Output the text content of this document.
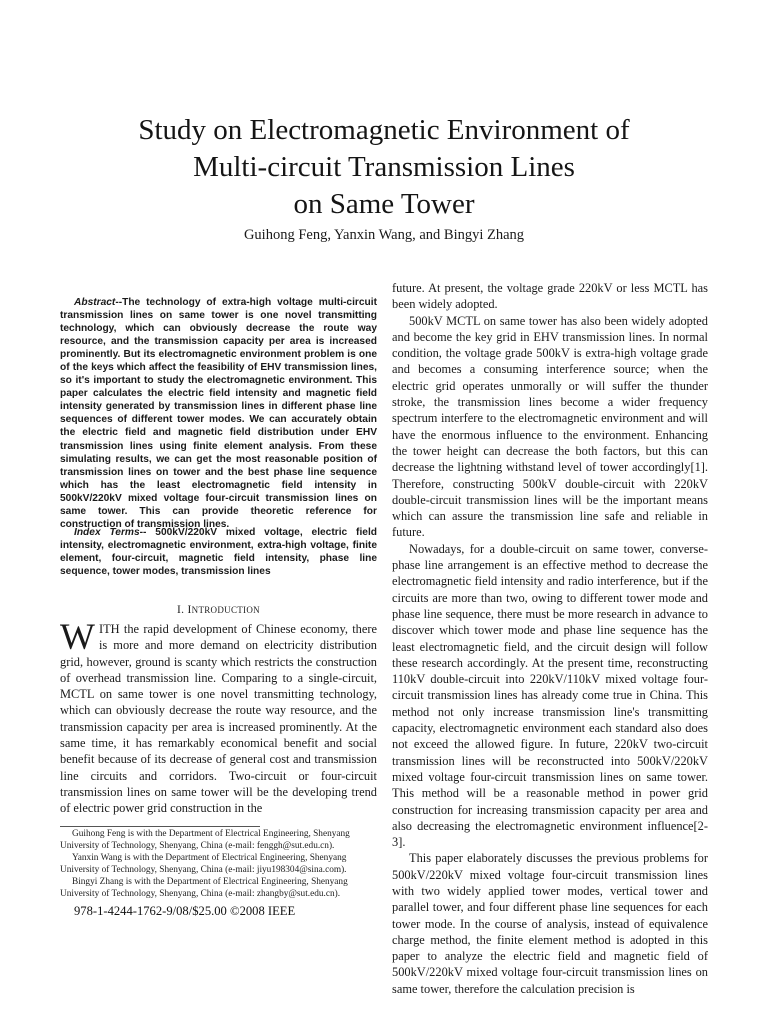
Study on Electromagnetic Environment of
Multi-circuit Transmission Lines
on Same Tower
Guihong Feng, Yanxin Wang, and Bingyi Zhang

Abstract--The technology of extra-high voltage multi-circuit transmission lines on same tower is one novel transmitting technology, which can obviously decrease the route way resource, and the transmission capacity per area is increased prominently. But its electromagnetic environment problem is one of the keys which affect the feasibility of EHV transmission lines, so it's important to study the electromagnetic environment. This paper calculates the electric field intensity and magnetic field intensity generated by transmission lines in different phase line sequences of different tower modes. We can accurately obtain the electric field and magnetic field distribution under EHV transmission lines using finite element analysis. From these simulating results, we can get the most reasonable position of transmission lines on tower and the best phase line sequence which has the least electromagnetic field intensity in 500kV/220kV mixed voltage four-circuit transmission lines on same tower. This can provide theoretic reference for construction of transmission lines.

Index Terms-- 500kV/220kV mixed voltage, electric field intensity, electromagnetic environment, extra-high voltage, finite element, four-circuit, magnetic field intensity, phase line sequence, tower modes, transmission lines

I. INTRODUCTION

WITH the rapid development of Chinese economy, there is more and more demand on electricity distribution grid, however, ground is scanty which restricts the construction of overhead transmission line. Comparing to a single-circuit, MCTL on same tower is one novel transmitting technology, which can obviously decrease the route way resource, and the transmission capacity per area is increased prominently. At the same time, it has remarkably economical benefit and social benefit because of its decrease of general cost and transmission line circuits and corridors. Two-circuit or four-circuit transmission lines on same tower will be the developing trend of electric power grid construction in the

Guihong Feng is with the Department of Electrical Engineering, Shenyang University of Technology, Shenyang, China (e-mail: fenggh@sut.edu.cn).

Yanxin Wang is with the Department of Electrical Engineering, Shenyang University of Technology, Shenyang, China (e-mail: jiyu198304@sina.com).

Bingyi Zhang is with the Department of Electrical Engineering, Shenyang University of Technology, Shenyang, China (e-mail: zhangby@sut.edu.cn).

978-1-4244-1762-9/08/$25.00 ©2008 IEEE

future. At present, the voltage grade 220kV or less MCTL has been widely adopted.

500kV MCTL on same tower has also been widely adopted and become the key grid in EHV transmission lines. In normal condition, the voltage grade 500kV is extra-high voltage grade and becomes a consuming interference source; when the electric grid operates unmorally or will suffer the thunder stroke, the transmission lines become a wider frequency spectrum interfere to the electromagnetic environment and will have the enormous influence to the environment. Enhancing the tower height can decrease the both factors, but this can decrease the lightning withstand level of tower accordingly[1]. Therefore, constructing 500kV double-circuit with 220kV double-circuit transmission lines will be the important means which can assure the transmission line safe and reliable in future.

Nowadays, for a double-circuit on same tower, converse-phase line arrangement is an effective method to decrease the electromagnetic field intensity and radio interference, but if the circuits are more than two, owing to different tower mode and phase line sequence, there must be more research in advance to discover which tower mode and phase line sequence has the least electromagnetic field, and the circuit design will follow these research accordingly. At the present time, reconstructing 110kV double-circuit into 220kV/110kV mixed voltage four-circuit transmission lines has already come true in China. This method not only increase transmission line's transmitting capacity, electromagnetic environment each standard also does not exceed the allowed figure. In future, 220kV two-circuit transmission lines will be reconstructed into 500kV/220kV mixed voltage four-circuit transmission lines on same tower. This method will be a reasonable method in power grid construction for increasing transmission capacity per area and also decreasing the electromagnetic environment influence[2-3].

This paper elaborately discusses the previous problems for 500kV/220kV mixed voltage four-circuit transmission lines with two widely applied tower modes, vertical tower and parallel tower, and four different phase line sequences for each tower mode. In the course of analysis, instead of equivalence charge method, the finite element method is adopted in this paper to analyze the electric field and magnetic field of 500kV/220kV mixed voltage four-circuit transmission lines on same tower, therefore the calculation precision is
